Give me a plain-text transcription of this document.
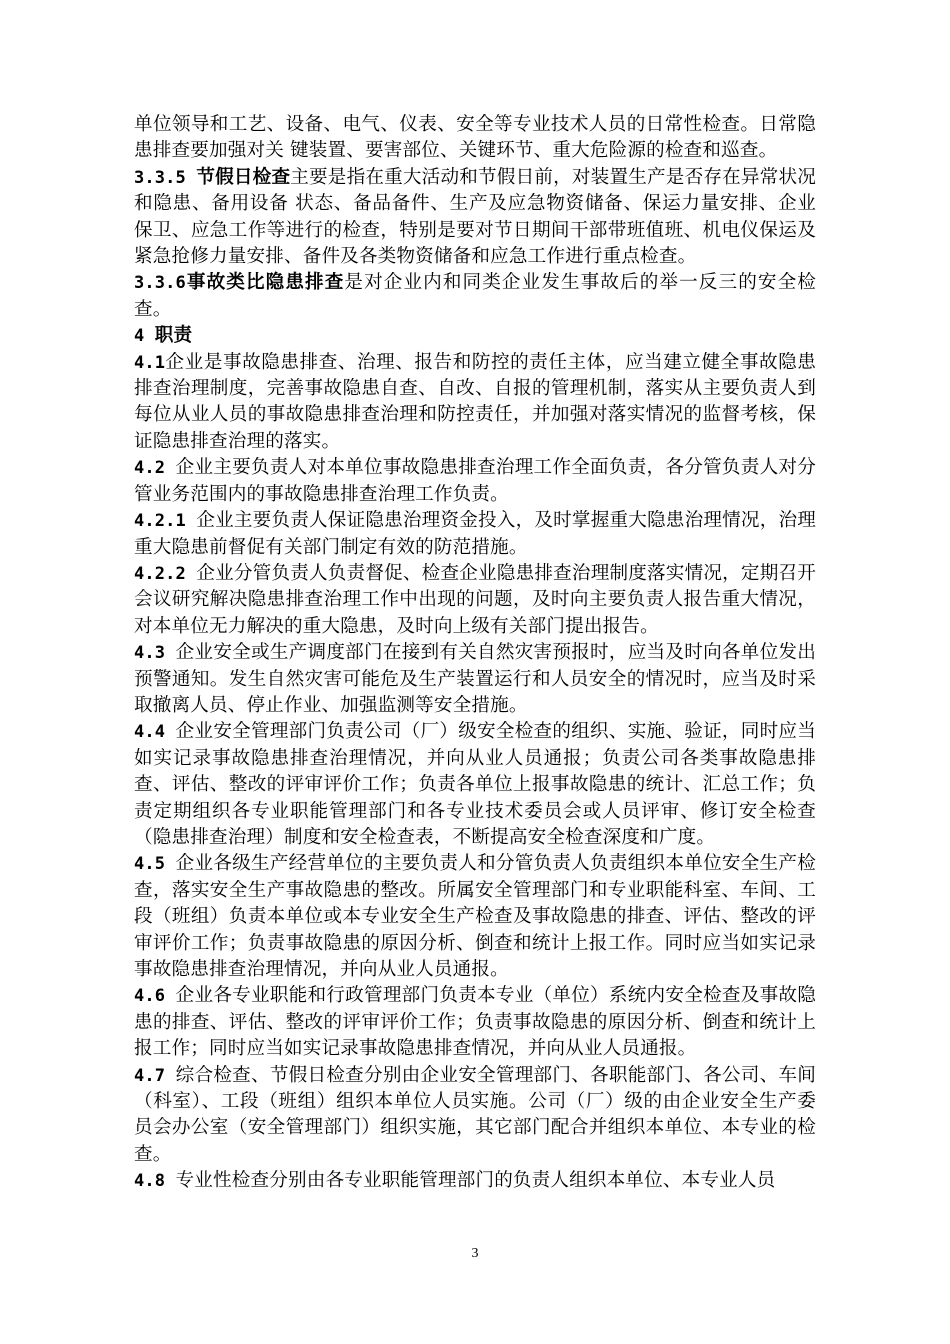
单位领导和工艺、设备、电气、仪表、安全等专业技术人员的日常性检查。日常隐患排查要加强对关 键装置、要害部位、关键环节、重大危险源的检查和巡查。

3.3.5 节假日检查主要是指在重大活动和节假日前，对装置生产是否存在异常状况和隐患、备用设备 状态、备品备件、生产及应急物资储备、保运力量安排、企业 保卫、应急工作等进行的检查，特别是要对节日期间干部带班值班、机电仪保运及紧急抢修力量安排、备件及各类物资储备和应急工作进行重点检查。

3.3.6事故类比隐患排查是对企业内和同类企业发生事故后的举一反三的安全检查。

4 职责

4.1企业是事故隐患排查、治理、报告和防控的责任主体，应当建立健全事故隐患排查治理制度，完善事故隐患自查、自改、自报的管理机制，落实从主要负责人到每位从业人员的事故隐患排查治理和防控责任，并加强对落实情况的监督考核，保证隐患排查治理的落实。

4.2 企业主要负责人对本单位事故隐患排查治理工作全面负责，各分管负责人对分管业务范围内的事故隐患排查治理工作负责。

4.2.1 企业主要负责人保证隐患治理资金投入，及时掌握重大隐患治理情况，治理重大隐患前督促有关部门制定有效的防范措施。

4.2.2 企业分管负责人负责督促、检查企业隐患排查治理制度落实情况，定期召开会议研究解决隐患排查治理工作中出现的问题，及时向主要负责人报告重大情况，对本单位无力解决的重大隐患，及时向上级有关部门提出报告。

4.3 企业安全或生产调度部门在接到有关自然灾害预报时，应当及时向各单位发出预警通知。发生自然灾害可能危及生产装置运行和人员安全的情况时，应当及时采取撤离人员、停止作业、加强监测等安全措施。

4.4 企业安全管理部门负责公司（厂）级安全检查的组织、实施、验证，同时应当如实记录事故隐患排查治理情况，并向从业人员通报；负责公司各类事故隐患排查、评估、整改的评审评价工作；负责各单位上报事故隐患的统计、汇总工作；负责定期组织各专业职能管理部门和各专业技术委员会或人员评审、修订安全检查（隐患排查治理）制度和安全检查表，不断提高安全检查深度和广度。

4.5 企业各级生产经营单位的主要负责人和分管负责人负责组织本单位安全生产检查，落实安全生产事故隐患的整改。所属安全管理部门和专业职能科室、车间、工段（班组）负责本单位或本专业安全生产检查及事故隐患的排查、评估、整改的评审评价工作；负责事故隐患的原因分析、倒查和统计上报工作。同时应当如实记录事故隐患排查治理情况，并向从业人员通报。

4.6 企业各专业职能和行政管理部门负责本专业（单位）系统内安全检查及事故隐患的排查、评估、整改的评审评价工作；负责事故隐患的原因分析、倒查和统计上报工作；同时应当如实记录事故隐患排查情况，并向从业人员通报。

4.7 综合检查、节假日检查分别由企业安全管理部门、各职能部门、各公司、车间（科室）、工段（班组）组织本单位人员实施。公司（厂）级的由企业安全生产委员会办公室（安全管理部门）组织实施，其它部门配合并组织本单位、本专业的检查。

4.8 专业性检查分别由各专业职能管理部门的负责人组织本单位、本专业人员

3
